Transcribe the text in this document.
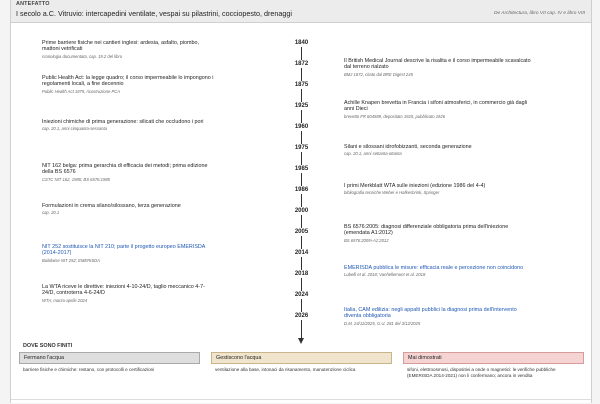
ANTEFATTO
I secolo a.C. Vitruvio: intercapedini ventilate, vespai su pilastrini, cocciopesto, drenaggi	De Architectura, libro VII cap. IV e libro VIII
1840
1872
1875
1925
1960
1975
1985
1986
2000
2005
2014
2018
2024
2026
Prime barriere fisiche nei cantieri inglesi: ardesia, asfalto, piombo, mattoni vetrificati
cronologia documentata, cap. 19.2 del libro
Public Health Act: la legge quadro; il corso impermeabile lo impongono i regolamenti locali, a fine decennio
Public Health Act 1875, ricostruzione PCA
Iniezioni chimiche di prima generazione: silicati che occludono i pori
cap. 20.1, anni cinquanta-sessanta
NIT 162 belga: prima gerarchia di efficacia dei metodi; prima edizione della BS 6576
CSTC NIT 162, 1985; BS 6576:1985
Formulazioni in crema silano/silossano, terza generazione
cap. 20.1
NIT 252 sostituisce la NIT 210; parte il progetto europeo EMERISDA (2014-2017)
Buildwise NIT 252; EMERISDA
La WTA riceve le direttive: iniezioni 4-10-24/D, taglio meccanico 4-7-24/D, controterra 4-6-24/D
WTA, marzo-aprile 2024
Il British Medical Journal descrive la risalita e il corso impermeabile scavalcato dal terreno rialzato
BMJ 1872, citato dal BRE Digest 245
Achille Knapen brevetta in Francia i sifoni atmosferici, in commercio già dagli anni Dieci
brevetto FR 604589, depositato 1925, pubblicato 1926
Silani e silossani idrofobizzanti, seconda generazione
cap. 20.1, anni settanta-ottanta
I primi Merkblatt WTA sulle iniezioni (edizione 1986 del 4-4)
bibliografia tecniche Weber e Hafkesbrink, Springer
BS 6576:2005: diagnosi differenziale obbligatoria prima dell'iniezione (emendata A1:2012)
BS 6576:2005+A1:2012
EMERISDA pubblica le misure: efficacia reale e percezione non coincidono
Lubelli et al. 2018; Vanhellemont et al. 2018
Italia, CAM edilizia: negli appalti pubblici la diagnosi prima dell'intervento diventa obbligatoria
D.M. 24/11/2025, G.U. 281 del 3/12/2025
DOVE SONO FINITI
Fermano l'acqua
barriere fisiche e chimiche: restano, con protocolli e certificazioni
Gestiscono l'acqua
ventilazione alla base, intonaci da risanamento, manutenzione ciclica
Mai dimostrati
sifoni, elettroosmosi, dispositivi a onde o magnetici: le verifiche pubbliche (EMERISDA 2014-2021) non li confermano; ancora in vendita
